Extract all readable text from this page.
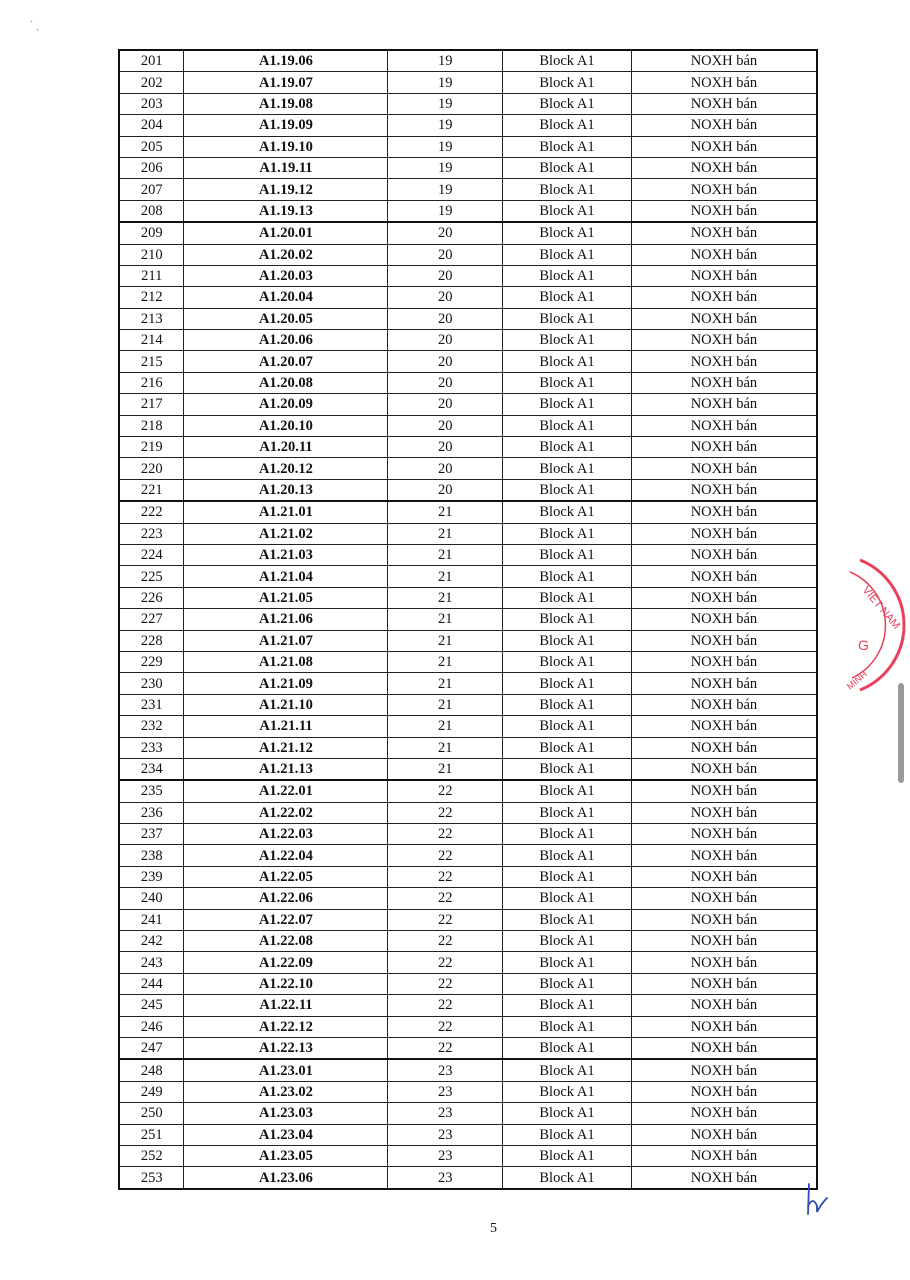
˙ ˎ
201	A1.19.06	19	Block A1	NOXH bán
202	A1.19.07	19	Block A1	NOXH bán
203	A1.19.08	19	Block A1	NOXH bán
204	A1.19.09	19	Block A1	NOXH bán
205	A1.19.10	19	Block A1	NOXH bán
206	A1.19.11	19	Block A1	NOXH bán
207	A1.19.12	19	Block A1	NOXH bán
208	A1.19.13	19	Block A1	NOXH bán
209	A1.20.01	20	Block A1	NOXH bán
210	A1.20.02	20	Block A1	NOXH bán
211	A1.20.03	20	Block A1	NOXH bán
212	A1.20.04	20	Block A1	NOXH bán
213	A1.20.05	20	Block A1	NOXH bán
214	A1.20.06	20	Block A1	NOXH bán
215	A1.20.07	20	Block A1	NOXH bán
216	A1.20.08	20	Block A1	NOXH bán
217	A1.20.09	20	Block A1	NOXH bán
218	A1.20.10	20	Block A1	NOXH bán
219	A1.20.11	20	Block A1	NOXH bán
220	A1.20.12	20	Block A1	NOXH bán
221	A1.20.13	20	Block A1	NOXH bán
222	A1.21.01	21	Block A1	NOXH bán
223	A1.21.02	21	Block A1	NOXH bán
224	A1.21.03	21	Block A1	NOXH bán
225	A1.21.04	21	Block A1	NOXH bán
226	A1.21.05	21	Block A1	NOXH bán
227	A1.21.06	21	Block A1	NOXH bán
228	A1.21.07	21	Block A1	NOXH bán
229	A1.21.08	21	Block A1	NOXH bán
230	A1.21.09	21	Block A1	NOXH bán
231	A1.21.10	21	Block A1	NOXH bán
232	A1.21.11	21	Block A1	NOXH bán
233	A1.21.12	21	Block A1	NOXH bán
234	A1.21.13	21	Block A1	NOXH bán
235	A1.22.01	22	Block A1	NOXH bán
236	A1.22.02	22	Block A1	NOXH bán
237	A1.22.03	22	Block A1	NOXH bán
238	A1.22.04	22	Block A1	NOXH bán
239	A1.22.05	22	Block A1	NOXH bán
240	A1.22.06	22	Block A1	NOXH bán
241	A1.22.07	22	Block A1	NOXH bán
242	A1.22.08	22	Block A1	NOXH bán
243	A1.22.09	22	Block A1	NOXH bán
244	A1.22.10	22	Block A1	NOXH bán
245	A1.22.11	22	Block A1	NOXH bán
246	A1.22.12	22	Block A1	NOXH bán
247	A1.22.13	22	Block A1	NOXH bán
248	A1.23.01	23	Block A1	NOXH bán
249	A1.23.02	23	Block A1	NOXH bán
250	A1.23.03	23	Block A1	NOXH bán
251	A1.23.04	23	Block A1	NOXH bán
252	A1.23.05	23	Block A1	NOXH bán
253	A1.23.06	23	Block A1	NOXH bán
5
VIET NAM
G
MINH
